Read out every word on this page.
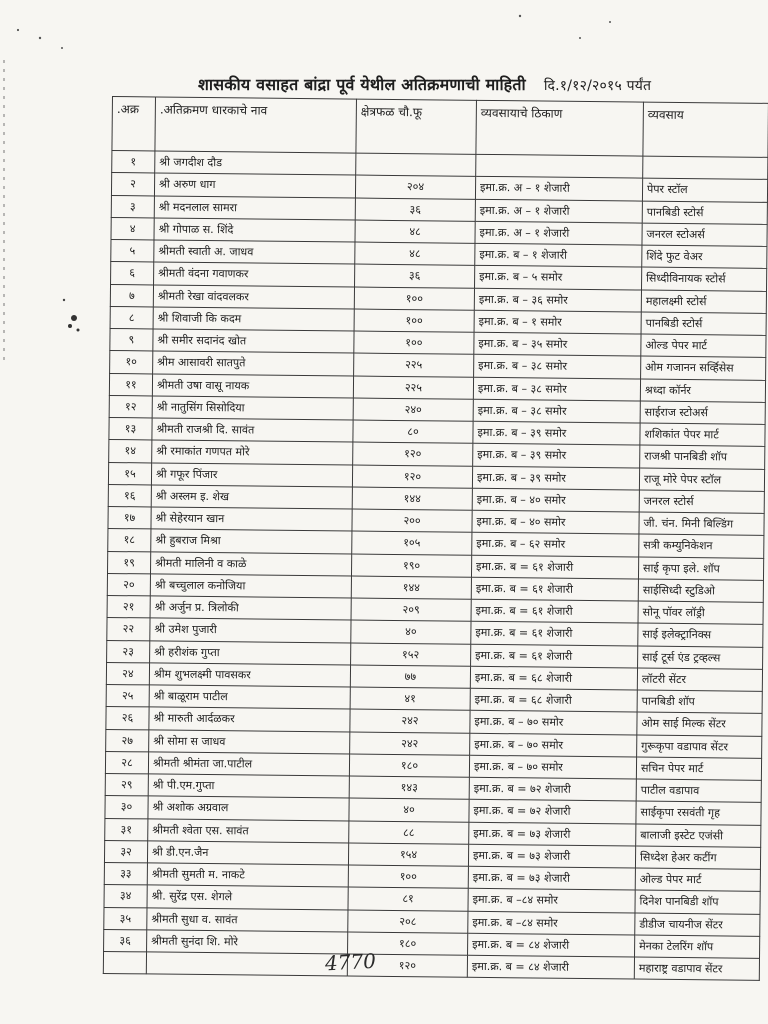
शासकीय वसाहत बांद्रा पूर्व येथील अतिक्रमणाची माहिती दि.१/१२/२०१५ पर्यंत
.अक्र	.अतिक्रमण धारकाचे नाव	क्षेत्रफळ चौ.फू	व्यवसायाचे ठिकाण	व्यवसाय
१	श्री जगदीश दौड			
२	श्री अरुण धाग	२०४	इमा.क्र. अ – १ शेजारी	पेपर स्टॉल
३	श्री मदनलाल सामरा	३६	इमा.क्र. अ – १ शेजारी	पानबिडी स्टोर्स
४	श्री गोपाळ स. शिंदे	४८	इमा.क्र. अ – १ शेजारी	जनरल स्टोअर्स
५	श्रीमती स्वाती अ. जाधव	४८	इमा.क्र. ब – १ शेजारी	शिंदे फुट वेअर
६	श्रीमती वंदना गवाणकर	३६	इमा.क्र. ब – ५ समोर	सिध्दीविनायक स्टोर्स
७	श्रीमती रेखा वांदवलकर	१००	इमा.क्र. ब – ३६ समोर	महालक्ष्मी स्टोर्स
८	श्री शिवाजी कि कदम	१००	इमा.क्र. ब – १ समोर	पानबिडी स्टोर्स
९	श्री समीर सदानंद खोत	१००	इमा.क्र. ब – ३५ समोर	ओल्ड पेपर मार्ट
१०	श्रीम आसावरी सातपुते	२२५	इमा.क्र. ब – ३८ समोर	ओम गजानन सर्व्हिसेस
११	श्रीमती उषा वासू नायक	२२५	इमा.क्र. ब – ३८ समोर	श्रध्दा कॉर्नर
१२	श्री नातुसिंग सिसोदिया	२४०	इमा.क्र. ब – ३८ समोर	साईराज स्टोअर्स
१३	श्रीमती राजश्री दि. सावंत	८०	इमा.क्र. ब – ३९ समोर	शशिकांत पेपर मार्ट
१४	श्री रमाकांत गणपत मोरे	१२०	इमा.क्र. ब – ३९ समोर	राजश्री पानबिडी शॉप
१५	श्री गफूर पिंजार	१२०	इमा.क्र. ब – ३९ समोर	राजू मोरे पेपर स्टॉल
१६	श्री अस्लम इ. शेख	१४४	इमा.क्र. ब – ४० समोर	जनरल स्टोर्स
१७	श्री सेहेरयान खान	२००	इमा.क्र. ब – ४० समोर	जी. चंन. मिनी बिल्डिंग
१८	श्री हुबराज मिश्रा	१०५	इमा.क्र. ब – ६२ समोर	सत्री कम्युनिकेशन
१९	श्रीमती मालिनी व काळे	१९०	इमा.क्र. ब = ६१ शेजारी	साई कृपा इले. शॉप
२०	श्री बच्चुलाल कनोजिया	१४४	इमा.क्र. ब = ६१ शेजारी	साईसिध्दी स्टुडिओ
२१	श्री अर्जुन प्र. त्रिलोकी	२०९	इमा.क्र. ब = ६१ शेजारी	सोनू पॉवर लॉड्री
२२	श्री उमेश पुजारी	४०	इमा.क्र. ब = ६१ शेजारी	साई इलेक्ट्रानिक्स
२३	श्री हरीशंक गुप्ता	१५२	इमा.क्र. ब = ६१ शेजारी	साई टूर्स एंड ट्रव्हल्स
२४	श्रीम शुभलक्ष्मी पावसकर	७७	इमा.क्र. ब = ६८ शेजारी	लॉटरी सेंटर
२५	श्री बाळूराम पाटील	४१	इमा.क्र. ब = ६८ शेजारी	पानबिडी शॉप
२६	श्री मारुती आर्दळकर	२४२	इमा.क्र. ब – ७० समोर	ओम साई मिल्क सेंटर
२७	श्री सोमा स जाधव	२४२	इमा.क्र. ब – ७० समोर	गुरूकृपा वडापाव सेंटर
२८	श्रीमती श्रीमंता जा.पाटील	१८०	इमा.क्र. ब – ७० समोर	सचिन पेपर मार्ट
२९	श्री पी.एम.गुप्ता	१४३	इमा.क्र. ब = ७२ शेजारी	पाटील वडापाव
३०	श्री अशोक अग्रवाल	४०	इमा.क्र. ब = ७२ शेजारी	साईकृपा रसवंती गृह
३१	श्रीमती श्वेता एस. सावंत	८८	इमा.क्र. ब = ७३ शेजारी	बालाजी इस्टेट एजंसी
३२	श्री डी.एन.जैन	१५४	इमा.क्र. ब = ७३ शेजारी	सिध्देश हेअर कटींग
३३	श्रीमती सुमती म. नाकटे	१००	इमा.क्र. ब = ७३ शेजारी	ओल्ड पेपर मार्ट
३४	श्री. सुरेंद्र एस. शेगले	८१	इमा.क्र. ब –८४ समोर	दिनेश पानबिडी शॉप
३५	श्रीमती सुधा व. सावंत	२०८	इमा.क्र. ब –८४ समोर	डीडीज चायनीज सेंटर
३६	श्रीमती सुनंदा शि. मोरे	१८०	इमा.क्र. ब = ८४ शेजारी	मेनका टेलरिंग शॉप
		१२०	इमा.क्र. ब = ८४ शेजारी	महाराष्ट्र वडापाव सेंटर
4770
